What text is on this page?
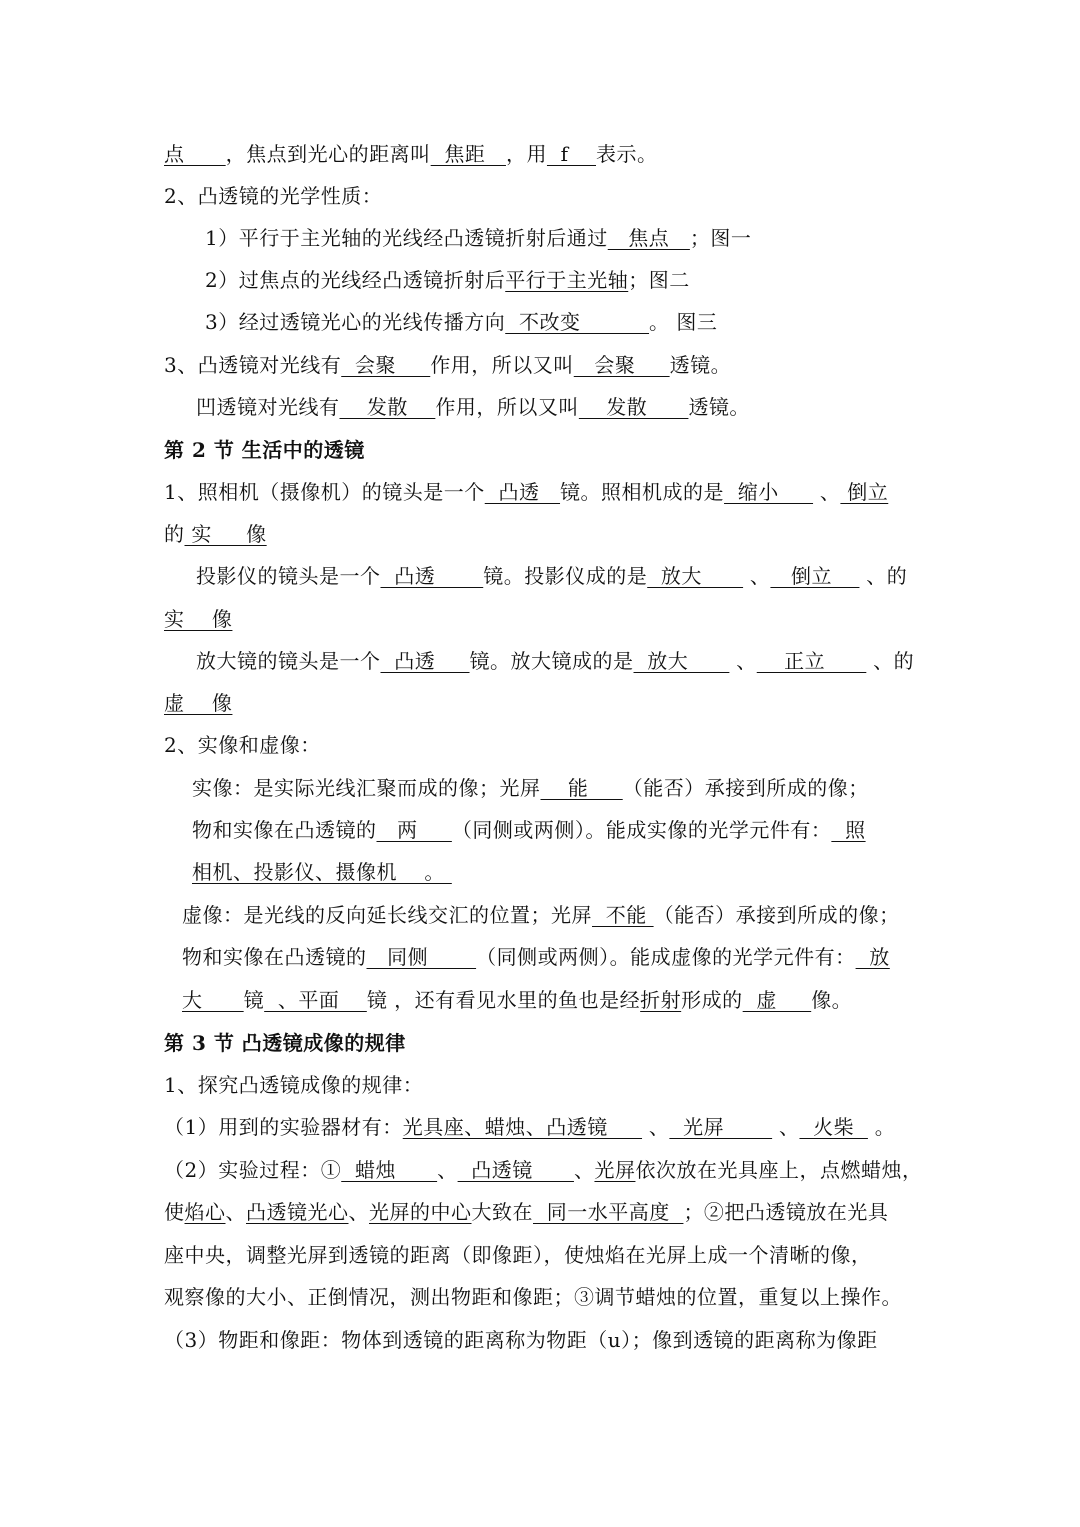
点 ，焦点到光心的距离叫  焦距   ，用  f    表示。
2、凸透镜的光学性质：
1）平行于主光轴的光线经凸透镜折射后通过   焦点   ；图一
2）过焦点的光线经凸透镜折射后平行于主光轴；图二
3）经过透镜光心的光线传播方向  不改变          。 图三
3、凸透镜对光线有  会聚     作用，所以又叫   会聚     透镜。
凹透镜对光线有    发散    作用，所以又叫    发散      透镜。
第 2 节 生活中的透镜
1、照相机（摄像机）的镜头是一个  凸透   镜。照相机成的是  缩小      、 倒立
的 实     像
投影仪的镜头是一个  凸透       镜。投影仪成的是  放大       、   倒立     、的
实    像
放大镜的镜头是一个  凸透     镜。放大镜成的是  放大       、    正立       、的
虚    像
2、实像和虚像：
实像：是实际光线汇聚而成的像；光屏    能     （能否）承接到所成的像；
物和实像在凸透镜的   两     （同侧或两侧）。能成实像的光学元件有：  照
相机、投影仪、摄像机    。
虚像：是光线的反向延长线交汇的位置；光屏  不能 （能否）承接到所成的像；
物和实像在凸透镜的   同侧       （同侧或两侧）。能成虚像的光学元件有：  放
大      镜  、平面    镜 ，还有看见水里的鱼也是经折射形成的  虚     像。
第 3 节 凸透镜成像的规律
1、探究凸透镜成像的规律：
（1）用到的实验器材有：光具座、蜡烛、凸透镜      、  光屏        、  火柴   。
（2）实验过程：①  蜡烛      、  凸透镜      、光屏依次放在光具座上，点燃蜡烛，
使焰心、凸透镜光心、光屏的中心大致在  同一水平高度  ；②把凸透镜放在光具
座中央，调整光屏到透镜的距离（即像距），使烛焰在光屏上成一个清晰的像，
观察像的大小、正倒情况，测出物距和像距；③调节蜡烛的位置，重复以上操作。
（3）物距和像距：物体到透镜的距离称为物距（u）；像到透镜的距离称为像距
